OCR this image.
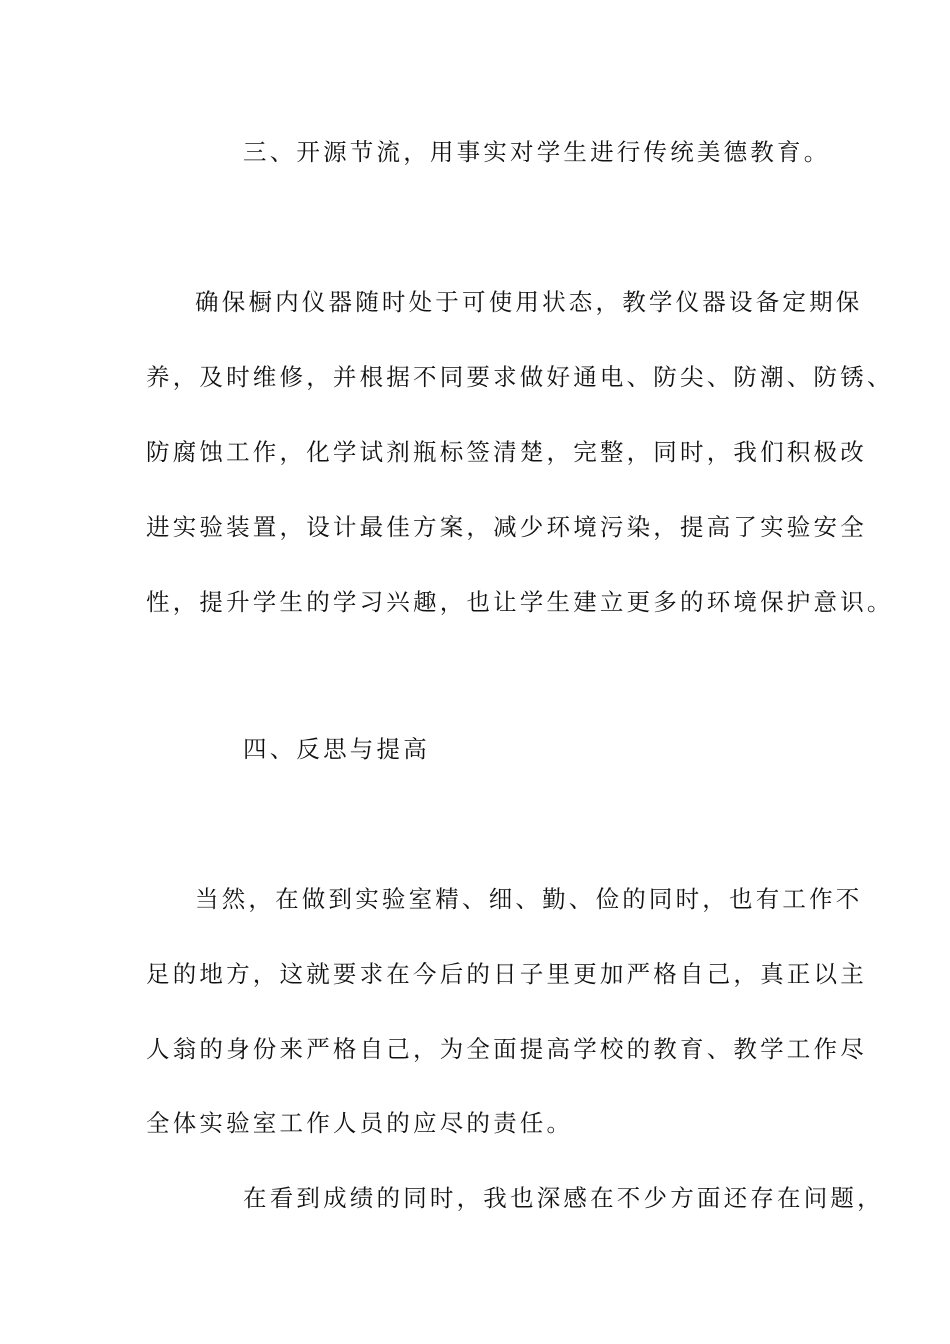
三、开源节流，用事实对学生进行传统美德教育。
确保橱内仪器随时处于可使用状态，教学仪器设备定期保
养，及时维修，并根据不同要求做好通电、防尖、防潮、防锈、
防腐蚀工作，化学试剂瓶标签清楚，完整，同时，我们积极改
进实验装置，设计最佳方案，减少环境污染，提高了实验安全
性，提升学生的学习兴趣，也让学生建立更多的环境保护意识。
四、反思与提高
当然，在做到实验室精、细、勤、俭的同时，也有工作不
足的地方，这就要求在今后的日子里更加严格自己，真正以主
人翁的身份来严格自己，为全面提高学校的教育、教学工作尽
全体实验室工作人员的应尽的责任。
在看到成绩的同时，我也深感在不少方面还存在问题，
